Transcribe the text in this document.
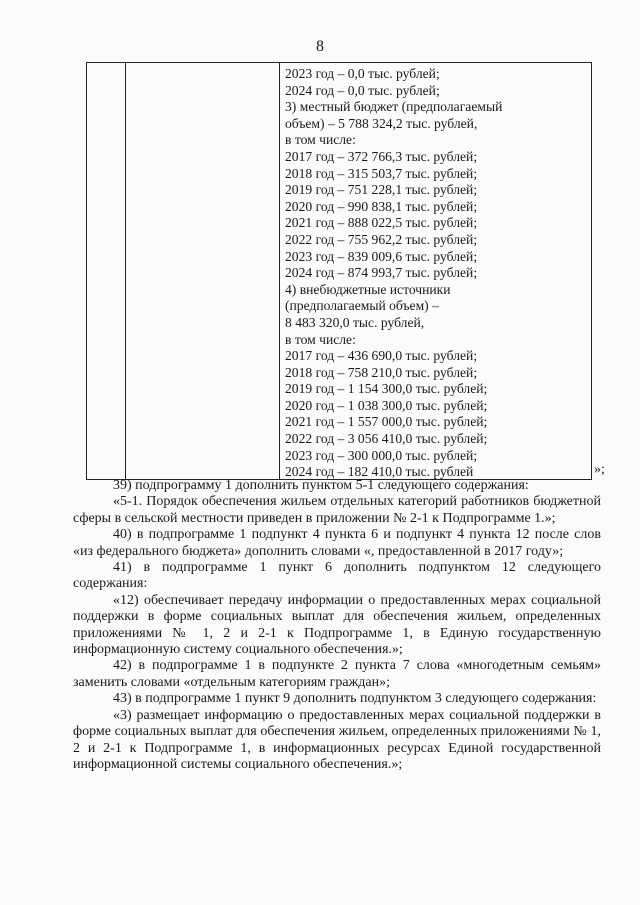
8
2023 год – 0,0 тыс. рублей;
2024 год – 0,0 тыс. рублей;
3) местный бюджет (предполагаемый
объем) – 5 788 324,2 тыс. рублей,
в том числе:
2017 год – 372 766,3 тыс. рублей;
2018 год – 315 503,7 тыс. рублей;
2019 год – 751 228,1 тыс. рублей;
2020 год – 990 838,1 тыс. рублей;
2021 год – 888 022,5 тыс. рублей;
2022 год – 755 962,2 тыс. рублей;
2023 год – 839 009,6 тыс. рублей;
2024 год – 874 993,7 тыс. рублей;
4) внебюджетные источники
(предполагаемый объем) –
8 483 320,0 тыс. рублей,
в том числе:
2017 год – 436 690,0 тыс. рублей;
2018 год – 758 210,0 тыс. рублей;
2019 год – 1 154 300,0 тыс. рублей;
2020 год – 1 038 300,0 тыс. рублей;
2021 год – 1 557 000,0 тыс. рублей;
2022 год – 3 056 410,0 тыс. рублей;
2023 год – 300 000,0 тыс. рублей;
2024 год – 182 410,0 тыс. рублей	»;

39) подпрограмму 1 дополнить пунктом 5-1 следующего содержания:

«5-1. Порядок обеспечения жильем отдельных категорий работников бюджетной сферы в сельской местности приведен в приложении № 2-1 к Подпрограмме 1.»;

40) в подпрограмме 1 подпункт 4 пункта 6 и подпункт 4 пункта 12 после слов «из федерального бюджета» дополнить словами «, предоставленной в 2017 году»;

41) в подпрограмме 1 пункт 6 дополнить подпунктом 12 следующего содержания:

«12) обеспечивает передачу информации о предоставленных мерах социальной поддержки в форме социальных выплат для обеспечения жильем, определенных приложениями № 1, 2 и 2-1 к Подпрограмме 1, в Единую государственную информационную систему социального обеспечения.»;

42) в подпрограмме 1 в подпункте 2 пункта 7 слова «многодетным семьям» заменить словами «отдельным категориям граждан»;

43) в подпрограмме 1 пункт 9 дополнить подпунктом 3 следующего содержания:

«3) размещает информацию о предоставленных мерах социальной поддержки в форме социальных выплат для обеспечения жильем, определенных приложениями № 1, 2 и 2-1 к Подпрограмме 1, в информационных ресурсах Единой государственной информационной системы социального обеспечения.»;
